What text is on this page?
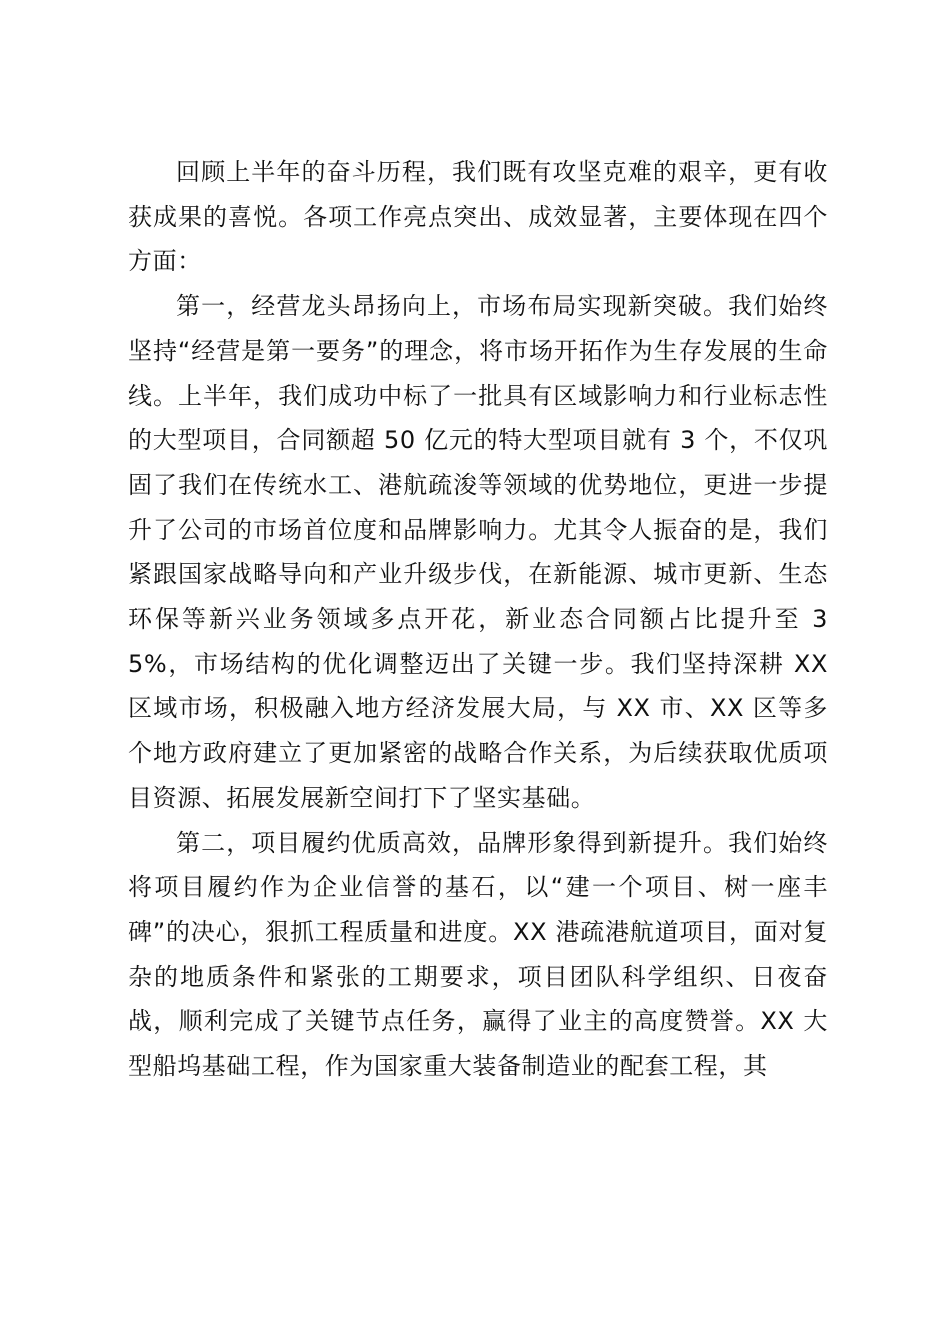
回顾上半年的奋斗历程，我们既有攻坚克难的艰辛，更有收获成果的喜悦。各项工作亮点突出、成效显著，主要体现在四个方面：

第一，经营龙头昂扬向上，市场布局实现新突破。我们始终坚持“经营是第一要务”的理念，将市场开拓作为生存发展的生命线。上半年，我们成功中标了一批具有区域影响力和行业标志性的大型项目，合同额超 50 亿元的特大型项目就有 3 个，不仅巩固了我们在传统水工、港航疏浚等领域的优势地位，更进一步提升了公司的市场首位度和品牌影响力。尤其令人振奋的是，我们紧跟国家战略导向和产业升级步伐，在新能源、城市更新、生态环保等新兴业务领域多点开花，新业态合同额占比提升至 35%，市场结构的优化调整迈出了关键一步。我们坚持深耕 XX 区域市场，积极融入地方经济发展大局，与 XX 市、XX 区等多个地方政府建立了更加紧密的战略合作关系，为后续获取优质项目资源、拓展发展新空间打下了坚实基础。

第二，项目履约优质高效，品牌形象得到新提升。我们始终将项目履约作为企业信誉的基石，以“建一个项目、树一座丰碑”的决心，狠抓工程质量和进度。XX 港疏港航道项目，面对复杂的地质条件和紧张的工期要求，项目团队科学组织、日夜奋战，顺利完成了关键节点任务，赢得了业主的高度赞誉。XX 大型船坞基础工程，作为国家重大装备制造业的配套工程，其
